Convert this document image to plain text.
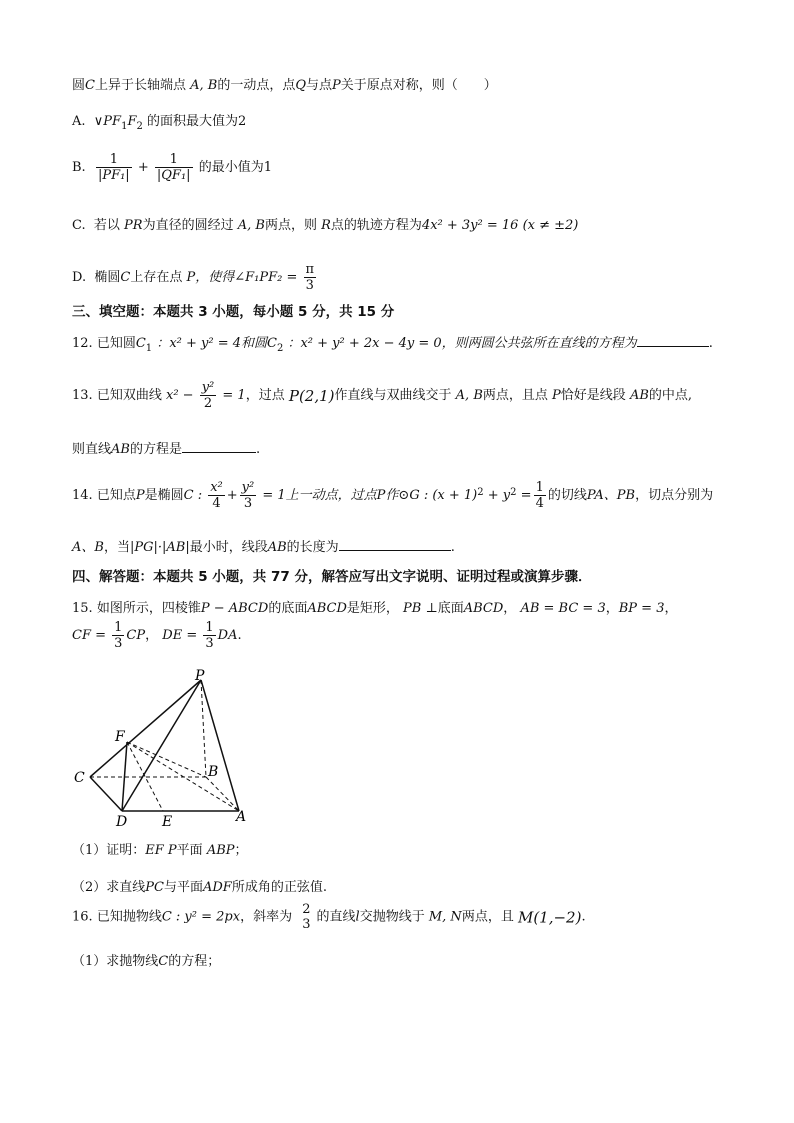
圆C上异于长轴端点 A, B的一动点，点Q与点P关于原点对称，则（　　）
A. $\vee PF_1F_2$ 的面积最大值为2
B. $\frac{1}{\text{|PF₁|}} + \frac{1}{\text{|QF₁|}}$ 的最小值为1
C. 若以 PR为直径的圆经过 A, B两点，则 R点的轨迹方程为4x² + 3y² = 16 (x ≠ ±2)
D. 椭圆C上存在点 P，使得∠F₁PF₂ = $\frac{\pi}{3}$
三、填空题：本题共 3 小题，每小题 5 分，共 15 分
12. 已知圆$C_1$ ：x² + y² = 4和圆$C_2$ ：x² + y² + 2x − 4y = 0，则两圆公共弦所在直线的方程为	.
13. 已知双曲线 $x^2 - \frac{\text{y²}}{2} = 1$，过点 P(2,1)作直线与双曲线交于 A, B两点，且点 P恰好是线段 AB的中点,
则直线AB的方程是	.
14. 已知点P是椭圆C : $\frac{\text{x²}}{4} + \frac{\text{y²}}{3} = 1$上一动点，过点P作⊙G : $(x + 1)^2 + y^2 = \frac{1}{4}$ 的切线PA、PB，切点分别为
A、B，当|PG|·|AB|最小时，线段AB的长度为	.
四、解答题：本题共 5 小题，共 77 分，解答应写出文字说明、证明过程或演算步骤．
15. 如图所示，四棱锥P − ABCD的底面ABCD是矩形， PB ⊥底面ABCD， AB = BC = 3，BP = 3，
CF = $\frac{1}{3}$ CP， DE = $\frac{1}{3}$ DA.
P
F
B
C
D E	A
（1）证明：EF P平面 ABP；
（2）求直线PC与平面ADF所成角的正弦值.
16. 已知抛物线C : y² = 2px，斜率为 2
3 的直线l交抛物线于 M, N两点，且 M(1,−2).
（1）求抛物线C的方程；
